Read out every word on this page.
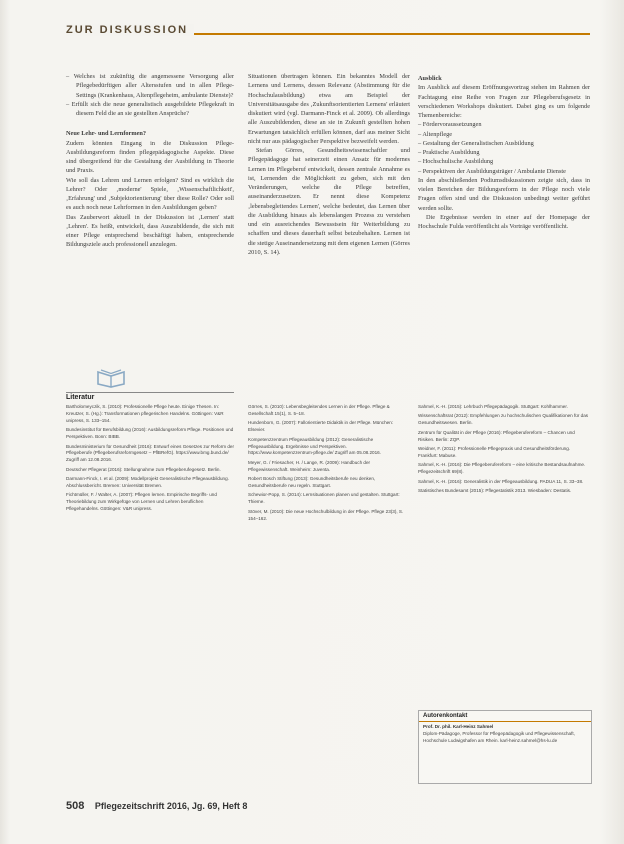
ZUR DISKUSSION

– Welches ist zukünftig die angemessene Versorgung aller Pflegebedürftigen aller Altersstufen und in allen Pflege-Settings (Krankenhaus, Altenpflegeheim, ambulante Dienste)?

– Erfüllt sich die neue generalistisch ausgebildete Pflegekraft in diesem Feld die an sie gestellten Ansprüche?

Neue Lehr- und Lernformen?

Zudem könnten Eingang in die Diskussion Pflege-Ausbildungsreform finden pflegepädagogische Aspekte. Diese sind übergreifend für die Gestaltung der Ausbildung in Theorie und Praxis.

Wie soll das Lehren und Lernen erfolgen? Sind es wirklich die Lehrer? Oder ‚moderne' Spiele, ‚Wissenschaftlichkeit', ‚Erfahrung' und ‚Subjektorientierung' über diese Rolle? Oder soll es auch noch neue Lehrformen in den Ausbildungen geben?

Das Zauberwort aktuell in der Diskussion ist ‚Lernen' statt ‚Lehren'. Es heißt, entwickelt, dass Auszubildende, die sich mit einer Pflege entsprechend beschäftigt haben, entsprechende Bildungsziele auch professionell anzulegen.

Situationen übertragen können. Ein bekanntes Modell der Lernens und Lernens, dessen Relevanz (Abstimmung für die Hochschulausbildung) etwa am Beispiel der Universitätsausgabe des ‚Zukunftsorientierten Lernens' erläutert diskutiert wird (vgl. Darmann-Finck et al. 2009). Ob allerdings alle Auszubildenden, diese an sie in Zukunft gestellten hohen Erwartungen tatsächlich erfüllen können, darf aus meiner Sicht nicht nur aus pädagogischer Perspektive bezweifelt werden.

Stefan Görres, Gesundheitswissenschaftler und Pflegepädagoge hat seinerzeit einen Ansatz für modernes Lernen im Pflegeberuf entwickelt, dessen zentrale Annahme es ist, Lernenden die Möglichkeit zu geben, sich mit den Veränderungen, welche die Pflege betreffen, auseinanderzusetzen. Er nennt diese Kompetenz ‚lebensbegleitendes Lernen', welche bedeutet, das Lernen über die Ausbildung hinaus als lebenslangen Prozess zu verstehen und ein ausreichendes Bewusstsein für Weiterbildung zu schaffen und dieses dauerhaft selbst beizubehalten. Lernen ist die stetige Auseinandersetzung mit dem eigenen Lernen (Görres 2010, S. 14).

Ausblick

Im Ausblick auf diesem Eröffnungsvortrag stehen im Rahmen der Fachtagung eine Reihe von Fragen zur Pflegeberufsgesetz in verschiedenen Workshops diskutiert. Dabei ging es um folgende Themenbereiche:

– Fördervoraussetzungen

– Altenpflege

– Gestaltung der Generalistischen Ausbildung

– Praktische Ausbildung

– Hochschulische Ausbildung

– Perspektiven der Ausbildungsträger / Ambulante Dienste

In den abschließenden Podiumsdiskussionen zeigte sich, dass in vielen Bereichen der Bildungsreform in der Pflege noch viele Fragen offen sind und die Diskussion unbedingt weiter geführt werden sollte.

Die Ergebnisse werden in einer auf der Homepage der Hochschule Fulda veröffentlicht als Vorträge veröffentlicht.

Literatur

Bartholomeyczik, S. (2010): Professionelle Pflege heute. Einige Thesen. In: Kreutzer, S. (Hg.): Transformationen pflegerischen Handelns. Göttingen: V&R unipress, S. 133–154.

Bundesinstitut für Berufsbildung (2016): Ausbildungsreform Pflege. Positionen und Perspektiven. Bonn: BIBB.

Bundesministerium für Gesundheit (2016): Entwurf eines Gesetzes zur Reform der Pflegeberufe (Pflegeberufsreformgesetz – PflBRefG). https://www.bmg.bund.de/ Zugriff am 12.08.2016.

Deutscher Pflegerat (2016): Stellungnahme zum Pflegeberufegesetz. Berlin.

Darmann-Finck, I. et al. (2009): Modellprojekt Generalistische Pflegeausbildung. Abschlussbericht. Bremen: Universität Bremen.

Fichtmüller, F. / Walter, A. (2007): Pflegen lernen. Empirische Begriffs- und Theoriebildung zum Wirkgefüge von Lernen und Lehren beruflichen Pflegehandelns. Göttingen: V&R unipress.

Görres, S. (2010): Lebensbegleitendes Lernen in der Pflege. Pflege & Gesellschaft 15(1), S. 5–18.

Hundenborn, G. (2007): Fallorientierte Didaktik in der Pflege. München: Elsevier.

Kompetenzzentrum Pflegeausbildung (2012): Generalistische Pflegeausbildung. Ergebnisse und Perspektiven. https://www.kompetenzzentrum-pflege.de/ Zugriff am 05.08.2016.

Meyer, G. / Friesacher, H. / Lange, R. (2009): Handbuch der Pflegewissenschaft. Weinheim: Juventa.

Robert Bosch Stiftung (2013): Gesundheitsberufe neu denken, Gesundheitsberufe neu regeln. Stuttgart.

Schewior-Popp, S. (2014): Lernsituationen planen und gestalten. Stuttgart: Thieme.

Stöver, M. (2010): Die neue Hochschulbildung in der Pflege. Pflege 23(3), S. 154–162.

Sahmel, K.-H. (2015): Lehrbuch Pflegepädagogik. Stuttgart: Kohlhammer.

Wissenschaftsrat (2012): Empfehlungen zu hochschulischen Qualifikationen für das Gesundheitswesen. Berlin.

Zentrum für Qualität in der Pflege (2016): Pflegeberufereform – Chancen und Risiken. Berlin: ZQP.

Weidner, F. (2011): Professionelle Pflegepraxis und Gesundheitsförderung. Frankfurt: Mabuse.

Sahmel, K.-H. (2016): Die Pflegeberufereform – eine kritische Bestandsaufnahme. Pflegezeitschrift 69(8).

Sahmel, K.-H. (2016): Generalistik in der Pflegeausbildung. PADUA 11, S. 33–38.

Statistisches Bundesamt (2015): Pflegestatistik 2013. Wiesbaden: Destatis.

Autorenkontakt
Prof. Dr. phil. Karl-Heinz Sahmel
Diplom-Pädagoge, Professor für Pflegepädagogik und Pflegewissenschaft, Hochschule Ludwigshafen am Rhein. karl-heinz.sahmel@hs-lu.de
508 Pflegezeitschrift 2016, Jg. 69, Heft 8
